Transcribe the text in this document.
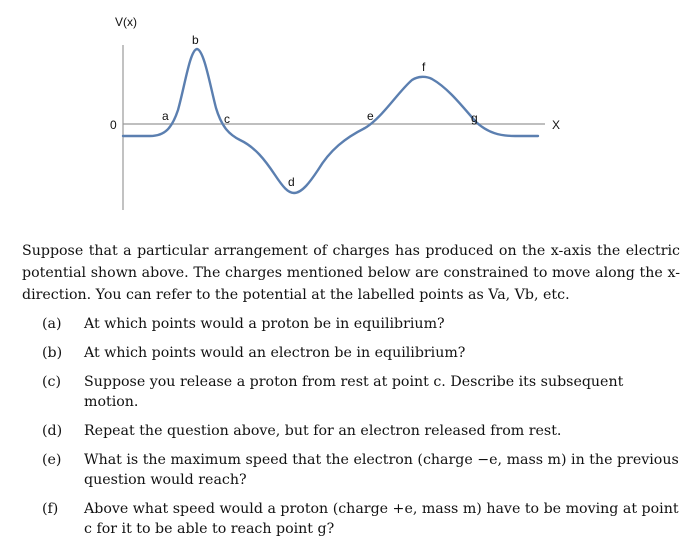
V(x)
X
0
a
b
c
d
e
f
g

Suppose that a particular arrangement of charges has produced on the x-axis the electric potential shown above. The charges mentioned below are constrained to move along the x-direction. You can refer to the potential at the labelled points as Va, Vb, etc.

(a)	At which points would a proton be in equilibrium?
(b)	At which points would an electron be in equilibrium?
(c)	Suppose you release a proton from rest at point c. Describe its subsequent motion.
(d)	Repeat the question above, but for an electron released from rest.
(e)	What is the maximum speed that the electron (charge −e, mass m) in the previous question would reach?
(f)	Above what speed would a proton (charge +e, mass m) have to be moving at point c for it to be able to reach point g?
